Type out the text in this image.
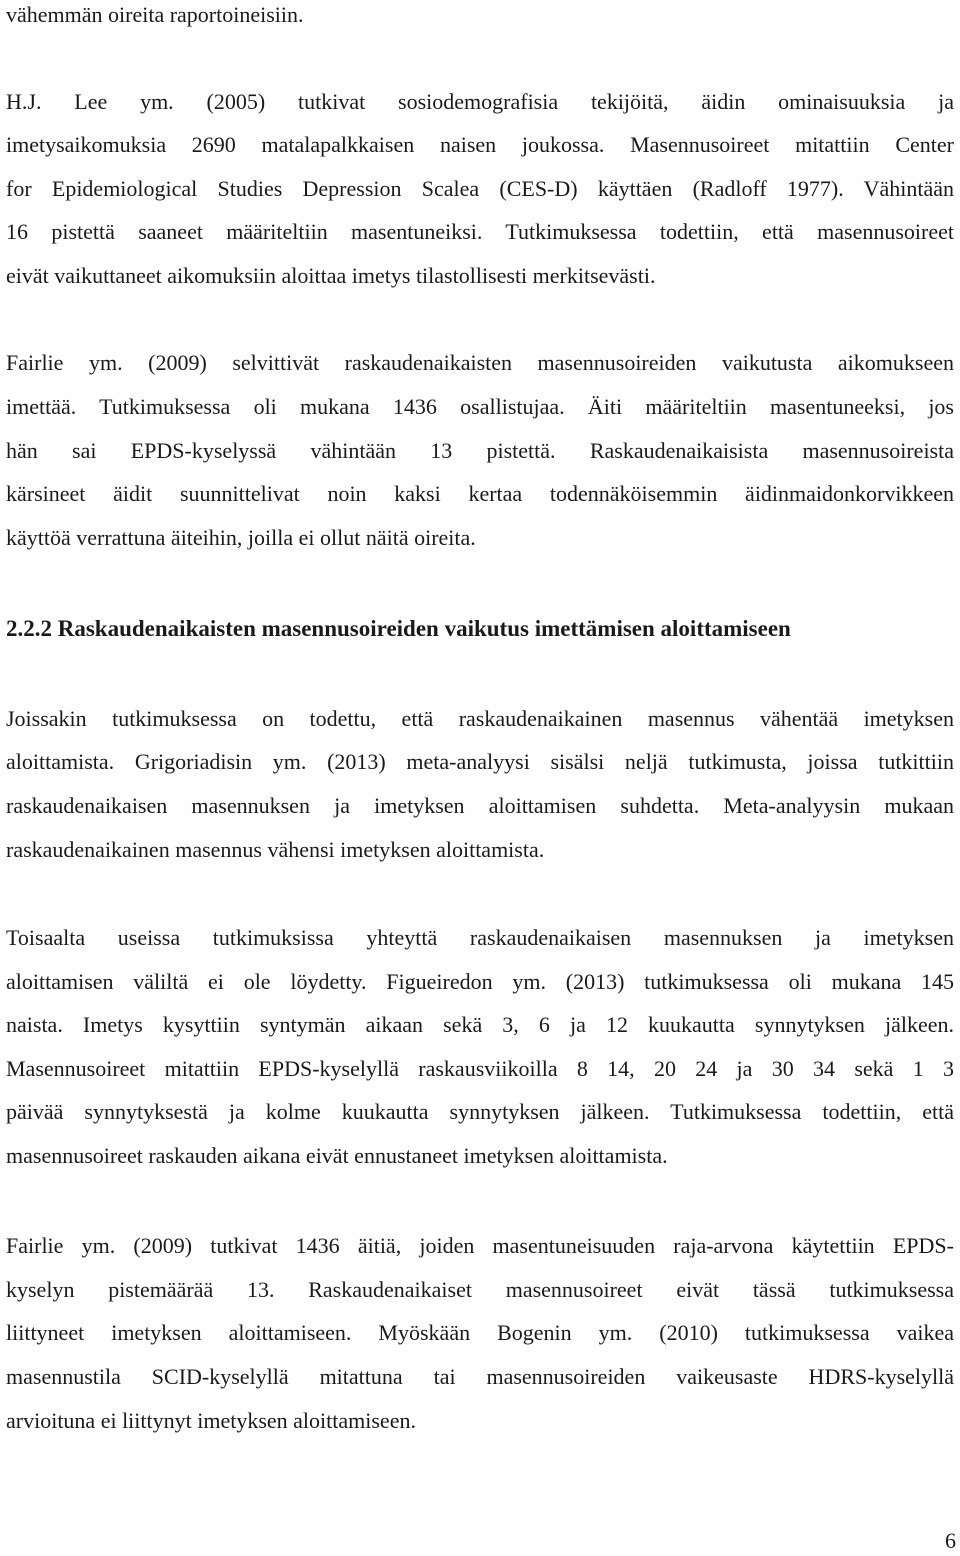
vähemmän oireita raportoineisiin.
H.J. Lee ym. (2005) tutkivat sosiodemografisia tekijöitä, äidin ominaisuuksia ja
imetysaikomuksia 2690 matalapalkkaisen naisen joukossa. Masennusoireet mitattiin Center
for Epidemiological Studies Depression Scalea (CES-D) käyttäen (Radloff 1977). Vähintään
16 pistettä saaneet määriteltiin masentuneiksi. Tutkimuksessa todettiin, että masennusoireet
eivät vaikuttaneet aikomuksiin aloittaa imetys tilastollisesti merkitsevästi.
Fairlie ym. (2009) selvittivät raskaudenaikaisten masennusoireiden vaikutusta aikomukseen
imettää. Tutkimuksessa oli mukana 1436 osallistujaa. Äiti määriteltiin masentuneeksi, jos
hän sai EPDS-kyselyssä vähintään 13 pistettä. Raskaudenaikaisista masennusoireista
kärsineet äidit suunnittelivat noin kaksi kertaa todennäköisemmin äidinmaidonkorvikkeen
käyttöä verrattuna äiteihin, joilla ei ollut näitä oireita.
2.2.2 Raskaudenaikaisten masennusoireiden vaikutus imettämisen aloittamiseen
Joissakin tutkimuksessa on todettu, että raskaudenaikainen masennus vähentää imetyksen
aloittamista. Grigoriadisin ym. (2013) meta-analyysi sisälsi neljä tutkimusta, joissa tutkittiin
raskaudenaikaisen masennuksen ja imetyksen aloittamisen suhdetta. Meta-analyysin mukaan
raskaudenaikainen masennus vähensi imetyksen aloittamista.
Toisaalta useissa tutkimuksissa yhteyttä raskaudenaikaisen masennuksen ja imetyksen
aloittamisen väliltä ei ole löydetty. Figueiredon ym. (2013) tutkimuksessa oli mukana 145
naista. Imetys kysyttiin syntymän aikaan sekä 3, 6 ja 12 kuukautta synnytyksen jälkeen.
Masennusoireet mitattiin EPDS-kyselyllä raskausviikoilla 8 14, 20 24 ja 30 34 sekä 1 3
päivää synnytyksestä ja kolme kuukautta synnytyksen jälkeen. Tutkimuksessa todettiin, että
masennusoireet raskauden aikana eivät ennustaneet imetyksen aloittamista.
Fairlie ym. (2009) tutkivat 1436 äitiä, joiden masentuneisuuden raja-arvona käytettiin EPDS-
kyselyn pistemäärää 13. Raskaudenaikaiset masennusoireet eivät tässä tutkimuksessa
liittyneet imetyksen aloittamiseen. Myöskään Bogenin ym. (2010) tutkimuksessa vaikea
masennustila SCID-kyselyllä mitattuna tai masennusoireiden vaikeusaste HDRS-kyselyllä
arvioituna ei liittynyt imetyksen aloittamiseen.
6
